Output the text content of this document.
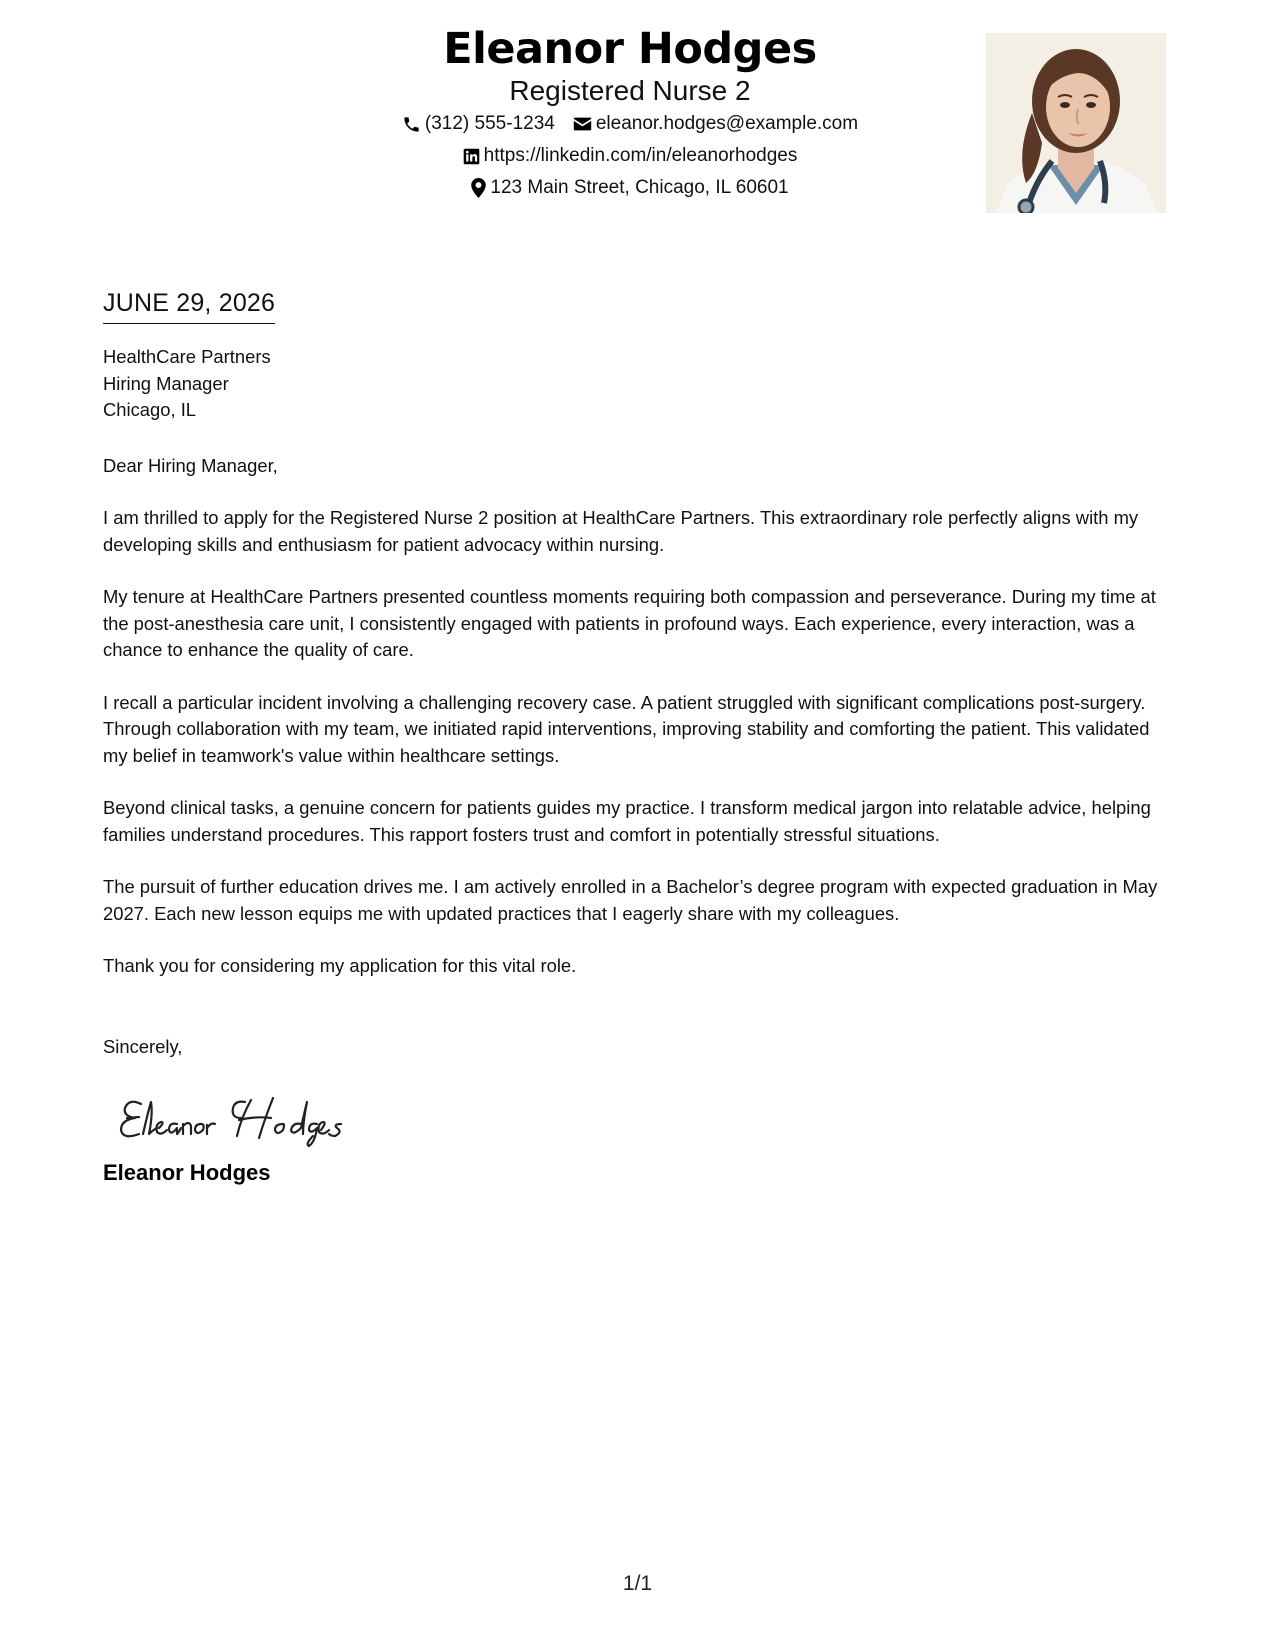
Eleanor Hodges
Registered Nurse 2
(312) 555-1234 eleanor.hodges@example.com
https://linkedin.com/in/eleanorhodges
123 Main Street, Chicago, IL 60601
JUNE 29, 2026
HealthCare Partners
Hiring Manager
Chicago, IL
Dear Hiring Manager,
I am thrilled to apply for the Registered Nurse 2 position at HealthCare Partners. This extraordinary role perfectly aligns with my developing skills and enthusiasm for patient advocacy within nursing.
My tenure at HealthCare Partners presented countless moments requiring both compassion and perseverance. During my time at the post-anesthesia care unit, I consistently engaged with patients in profound ways. Each experience, every interaction, was a chance to enhance the quality of care.
I recall a particular incident involving a challenging recovery case. A patient struggled with significant complications post-surgery. Through collaboration with my team, we initiated rapid interventions, improving stability and comforting the patient. This validated my belief in teamwork's value within healthcare settings.
Beyond clinical tasks, a genuine concern for patients guides my practice. I transform medical jargon into relatable advice, helping families understand procedures. This rapport fosters trust and comfort in potentially stressful situations.
The pursuit of further education drives me. I am actively enrolled in a Bachelor’s degree program with expected graduation in May 2027. Each new lesson equips me with updated practices that I eagerly share with my colleagues.
Thank you for considering my application for this vital role.
Sincerely,
Eleanor Hodges
1/1
